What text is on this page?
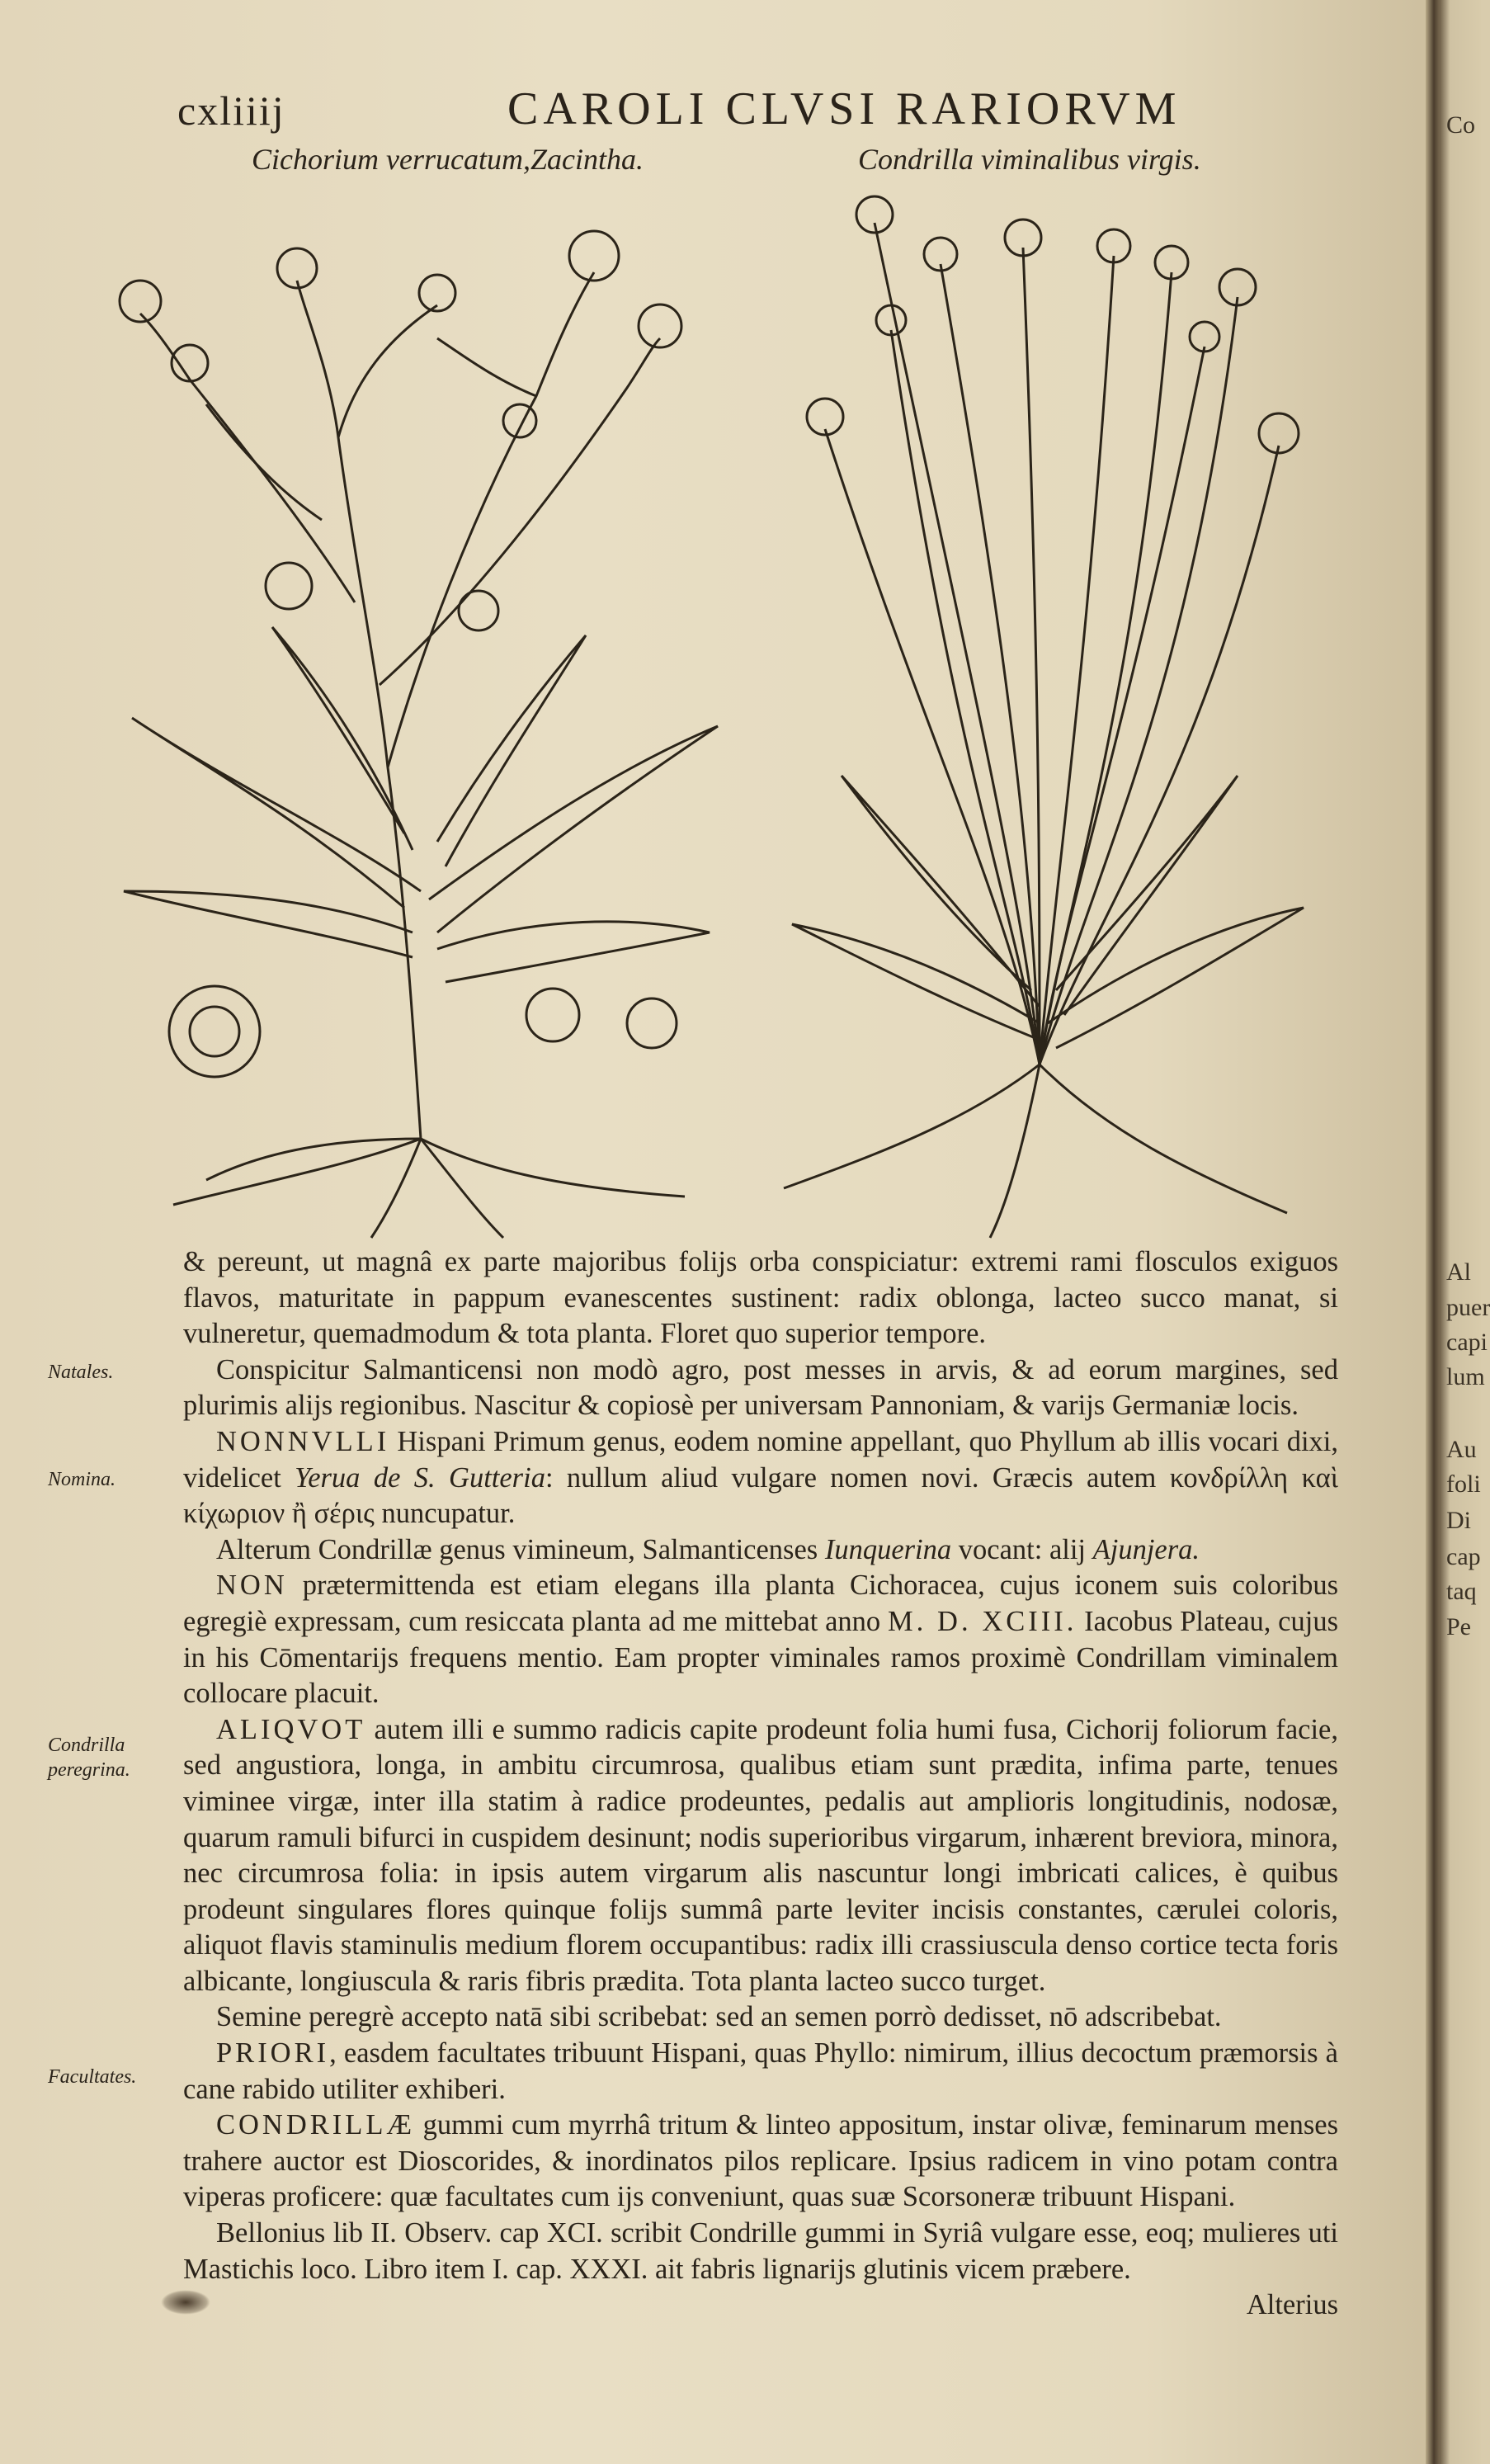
cxliiij	CAROLI CLVSI RARIORVM
Cichorium verrucatum,Zacintha.	Condrilla viminalibus virgis.
Natales.
Nomina.
Condrilla peregrina.
Facultates.

& pereunt, ut magnâ ex parte majoribus folijs orba conspiciatur: extremi rami flosculos exiguos flavos, maturitate in pappum evanescentes sustinent: radix oblonga, lacteo succo manat, si vulneretur, quemadmodum & tota planta. Floret quo superior tempore.

Conspicitur Salmanticensi non modò agro, post messes in arvis, & ad eorum margines, sed plurimis alijs regionibus. Nascitur & copiosè per universam Pannoniam, & varijs Germaniæ locis.

NONNVLLI Hispani Primum genus, eodem nomine appellant, quo Phyllum ab illis vocari dixi, videlicet Yerua de S. Gutteria: nullum aliud vulgare nomen novi. Græcis autem κονδρίλλη καὶ κίχωριον ἢ σέρις nuncupatur.

Alterum Condrillæ genus vimineum, Salmanticenses Iunquerina vocant: alij Ajunjera.

NON prætermittenda est etiam elegans illa planta Cichoracea, cujus iconem suis coloribus egregiè expressam, cum resiccata planta ad me mittebat anno M. D. XCIII. Iacobus Plateau, cujus in his Cōmentarijs frequens mentio. Eam propter viminales ramos proximè Condrillam viminalem collocare placuit.

ALIQVOT autem illi e summo radicis capite prodeunt folia humi fusa, Cichorij foliorum facie, sed angustiora, longa, in ambitu circumrosa, qualibus etiam sunt prædita, infima parte, tenues viminee virgæ, inter illa statim à radice prodeuntes, pedalis aut amplioris longitudinis, nodosæ, quarum ramuli bifurci in cuspidem desinunt; nodis superioribus virgarum, inhærent breviora, minora, nec circumrosa folia: in ipsis autem virgarum alis nascuntur longi imbricati calices, è quibus prodeunt singulares flores quinque folijs summâ parte leviter incisis constantes, cærulei coloris, aliquot flavis staminulis medium florem occupantibus: radix illi crassiuscula denso cortice tecta foris albicante, longiuscula & raris fibris prædita. Tota planta lacteo succo turget.

Semine peregrè accepto natā sibi scribebat: sed an semen porrò dedisset, nō adscribebat.

PRIORI, easdem facultates tribuunt Hispani, quas Phyllo: nimirum, illius decoctum præmorsis à cane rabido utiliter exhiberi.

CONDRILLÆ gummi cum myrrhâ tritum & linteo appositum, instar olivæ, feminarum menses trahere auctor est Dioscorides, & inordinatos pilos replicare. Ipsius radicem in vino potam contra viperas proficere: quæ facultates cum ijs conveniunt, quas suæ Scorsoneræ tribuunt Hispani.

Bellonius lib II. Observ. cap XCI. scribit Condrille gummi in Syriâ vulgare esse, eoq; mulieres uti Mastichis loco. Libro item I. cap. XXXI. ait fabris lignarijs glutinis vicem præbere.

Alterius

Co
Al
puer
capi
lum
Au
foli
Di
cap
taq
Pe
